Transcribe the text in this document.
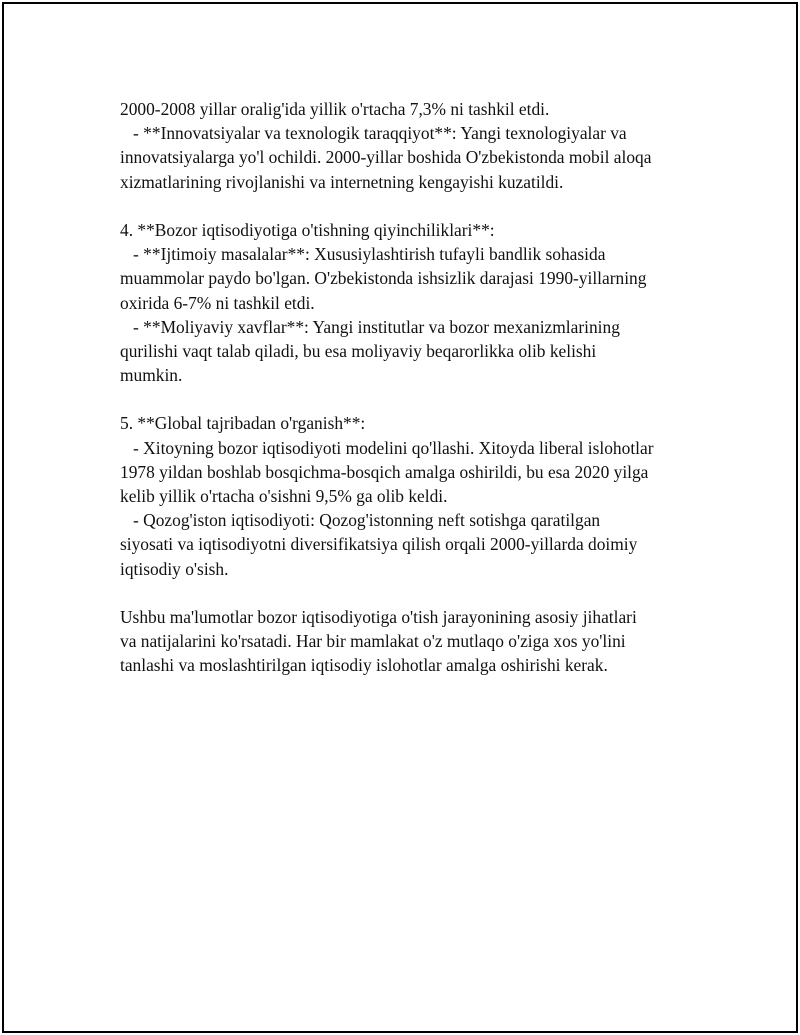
2000-2008 yillar oralig'ida yillik o'rtacha 7,3% ni tashkil etdi.
- **Innovatsiyalar va texnologik taraqqiyot**: Yangi texnologiyalar va
innovatsiyalarga yo'l ochildi. 2000-yillar boshida O'zbekistonda mobil aloqa
xizmatlarining rivojlanishi va internetning kengayishi kuzatildi.
4. **Bozor iqtisodiyotiga o'tishning qiyinchiliklari**:
- **Ijtimoiy masalalar**: Xususiylashtirish tufayli bandlik sohasida
muammolar paydo bo'lgan. O'zbekistonda ishsizlik darajasi 1990-yillarning
oxirida 6-7% ni tashkil etdi.
- **Moliyaviy xavflar**: Yangi institutlar va bozor mexanizmlarining
qurilishi vaqt talab qiladi, bu esa moliyaviy beqarorlikka olib kelishi
mumkin.
5. **Global tajribadan o'rganish**:
- Xitoyning bozor iqtisodiyoti modelini qo'llashi. Xitoyda liberal islohotlar
1978 yildan boshlab bosqichma-bosqich amalga oshirildi, bu esa 2020 yilga
kelib yillik o'rtacha o'sishni 9,5% ga olib keldi.
- Qozog'iston iqtisodiyoti: Qozog'istonning neft sotishga qaratilgan
siyosati va iqtisodiyotni diversifikatsiya qilish orqali 2000-yillarda doimiy
iqtisodiy o'sish.
Ushbu ma'lumotlar bozor iqtisodiyotiga o'tish jarayonining asosiy jihatlari
va natijalarini ko'rsatadi. Har bir mamlakat o'z mutlaqo o'ziga xos yo'lini
tanlashi va moslashtirilgan iqtisodiy islohotlar amalga oshirishi kerak.
